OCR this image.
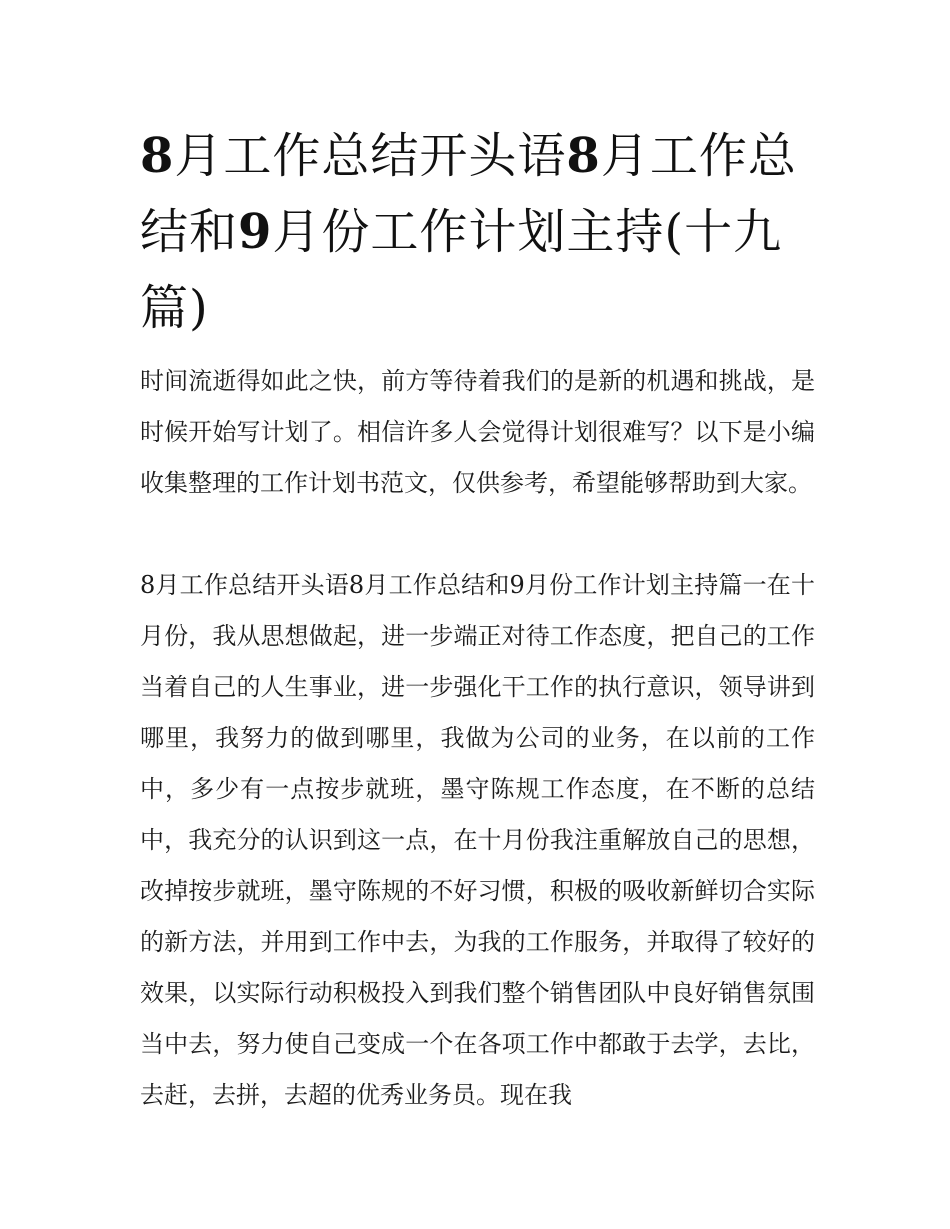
8月工作总结开头语8月工作总结和9月份工作计划主持(十九篇)

时间流逝得如此之快，前方等待着我们的是新的机遇和挑战，是时候开始写计划了。相信许多人会觉得计划很难写？以下是小编收集整理的工作计划书范文，仅供参考，希望能够帮助到大家。

8月工作总结开头语8月工作总结和9月份工作计划主持篇一在十月份，我从思想做起，进一步端正对待工作态度，把自己的工作当着自己的人生事业，进一步强化干工作的执行意识，领导讲到哪里，我努力的做到哪里，我做为公司的业务，在以前的工作中，多少有一点按步就班，墨守陈规工作态度，在不断的总结中，我充分的认识到这一点，在十月份我注重解放自己的思想，改掉按步就班，墨守陈规的不好习惯，积极的吸收新鲜切合实际的新方法，并用到工作中去，为我的工作服务，并取得了较好的效果，以实际行动积极投入到我们整个销售团队中良好销售氛围当中去，努力使自己变成一个在各项工作中都敢于去学，去比，去赶，去拼，去超的优秀业务员。现在我
